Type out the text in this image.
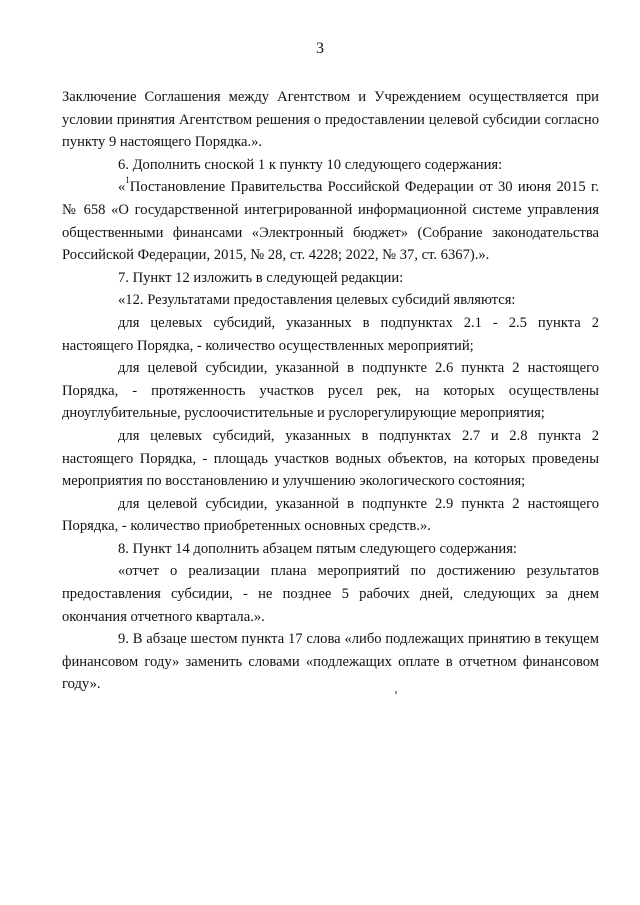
3

Заключение Соглашения между Агентством и Учреждением осуществляется при условии принятия Агентством решения о предоставлении целевой субсидии согласно пункту 9 настоящего Порядка.».

6. Дополнить сноской 1 к пункту 10 следующего содержания:

«$^1$Постановление Правительства Российской Федерации от 30 июня 2015 г. № 658 «О государственной интегрированной информационной системе управления общественными финансами «Электронный бюджет» (Собрание законодательства Российской Федерации, 2015, № 28, ст. 4228; 2022, № 37, ст. 6367).».

7. Пункт 12 изложить в следующей редакции:

«12. Результатами предоставления целевых субсидий являются:

для целевых субсидий, указанных в подпунктах 2.1 - 2.5 пункта 2 настоящего Порядка, - количество осуществленных мероприятий;

для целевой субсидии, указанной в подпункте 2.6 пункта 2 настоящего Порядка, - протяженность участков русел рек, на которых осуществлены дноуглубительные, русл​оочистительные и руслорегулирующие мероприятия;

для целевых субсидий, указанных в подпунктах 2.7 и 2.8 пункта 2 настоящего Порядка, - площадь участков водных объектов, на которых проведены мероприятия по восстановлению и улучшению экологического состояния;

для целевой субсидии, указанной в подпункте 2.9 пункта 2 настоящего Порядка, - количество приобретенных основных средств.».

8. Пункт 14 дополнить абзацем пятым следующего содержания:

«отчет о реализации плана мероприятий по достижению результатов предоставления субсидии, - не позднее 5 рабочих дней, следующих за днем окончания отчетного квартала.».

9. В абзаце шестом пункта 17 слова «либо подлежащих принятию в текущем финансовом году» заменить словами «подлежащих оплате в отчетном финансовом году».
